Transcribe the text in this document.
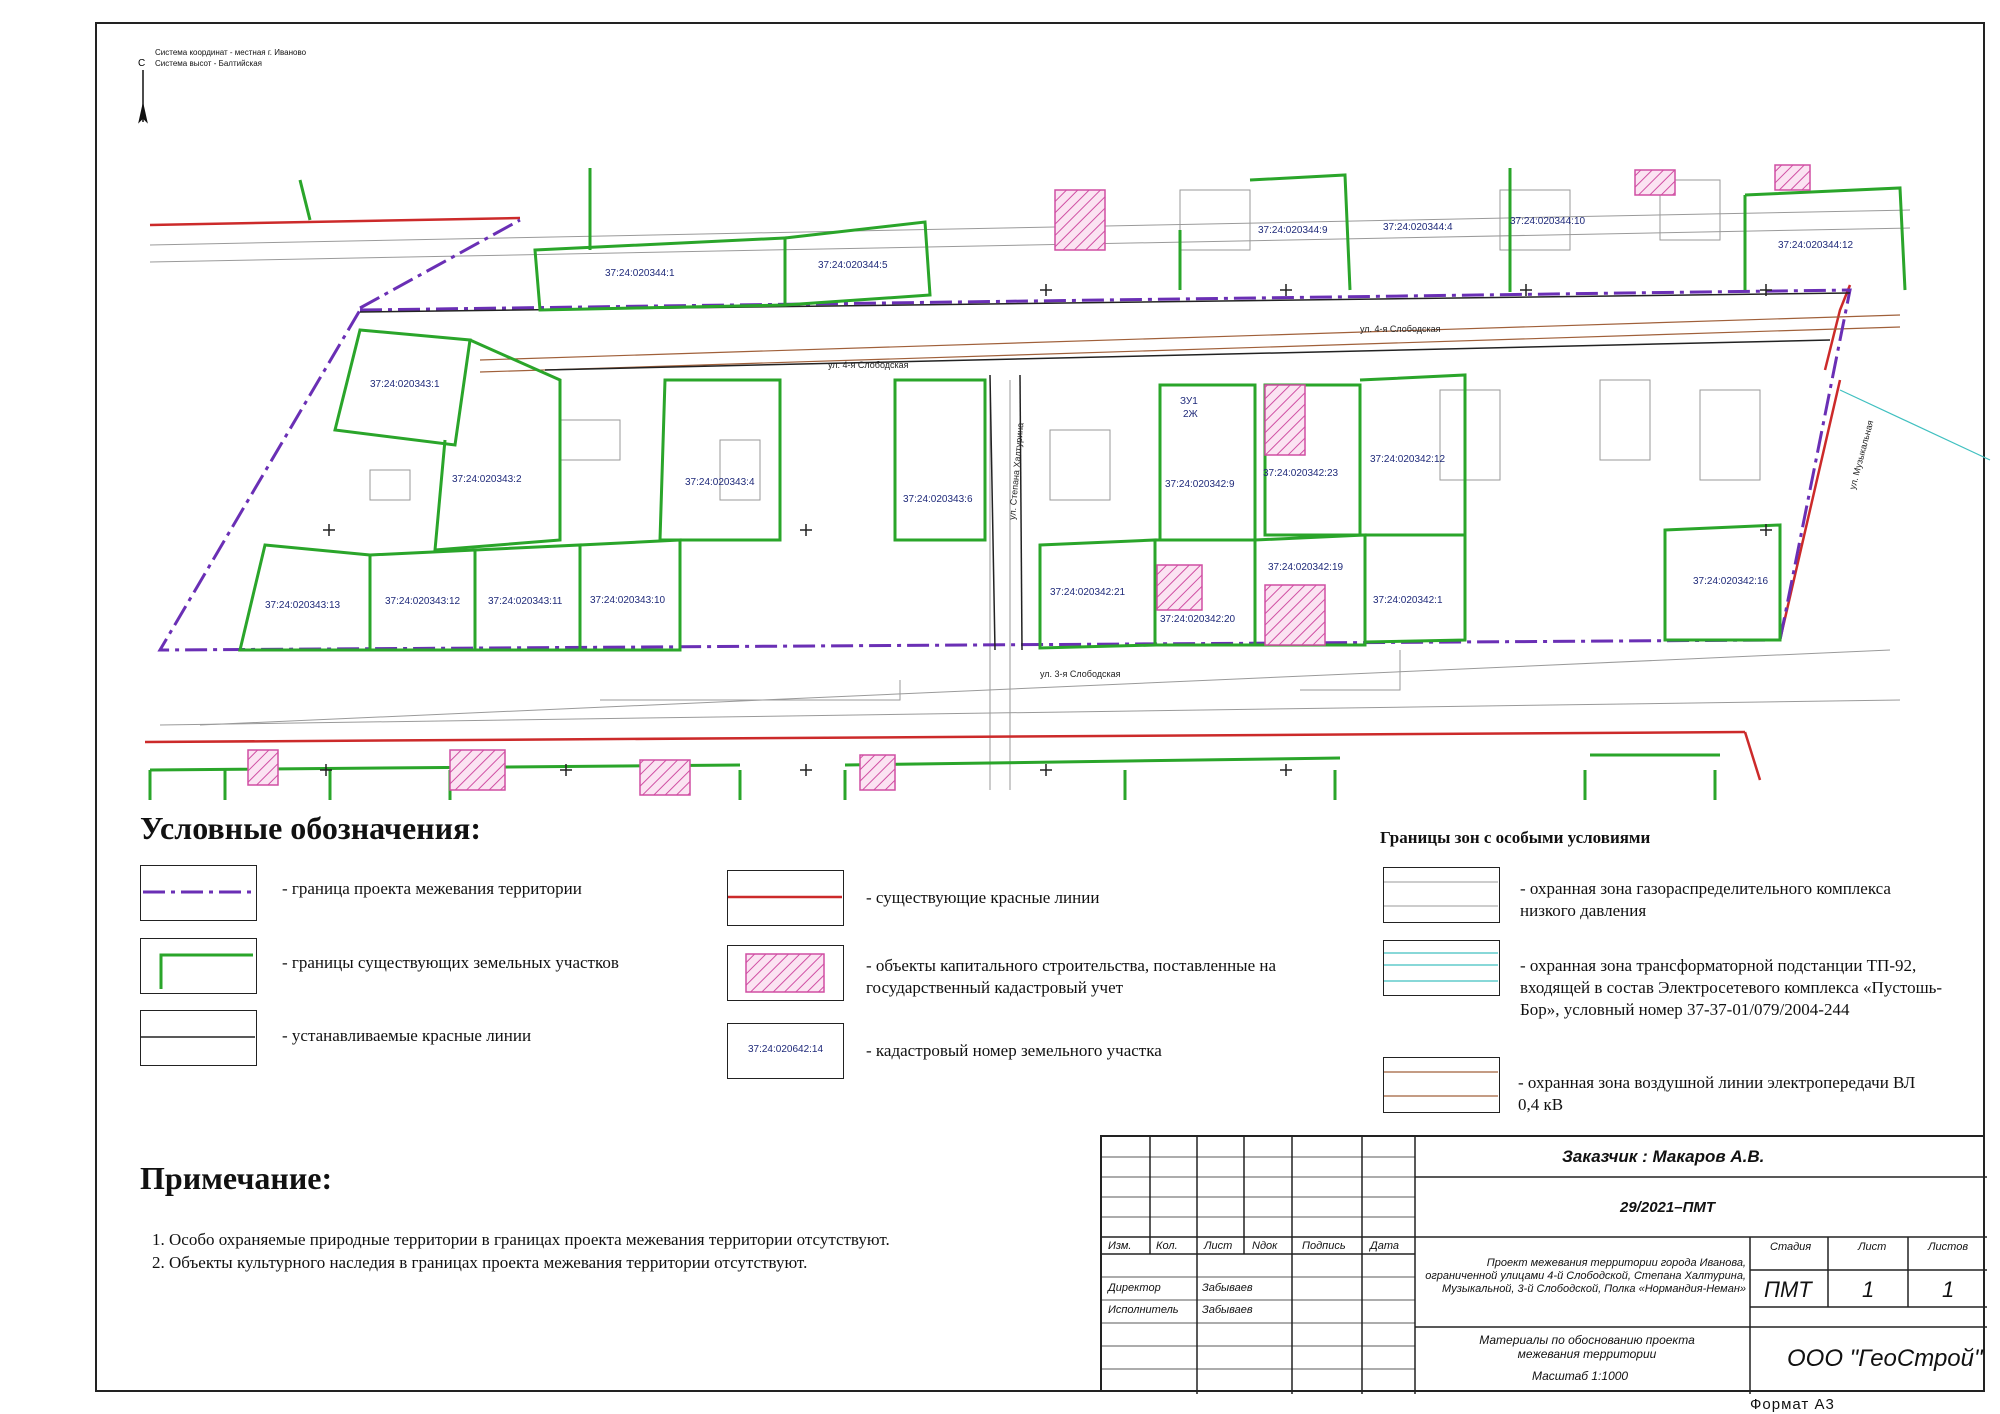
С
37:24:020344:1
37:24:020344:5
37:24:020344:9	37:24:020344:4
37:24:020344:10
37:24:020344:12
37:24:020343:1
37:24:020343:2	37:24:020343:4
37:24:020343:6
37:24:020342:9
37:24:020342:23
37:24:020342:12
37:24:020343:13	37:24:020343:12	37:24:020343:11	37:24:020343:10
37:24:020342:21
37:24:020342:20
37:24:020342:19
37:24:020342:1
37:24:020342:16
ЗУ1
2Ж
ул. 4-я Слободская
ул. 4-я Слободская
ул. 3-я Слободская
ул. Степана Халтурина	ул. Музыкальная
Система координат - местная г. Иваново
Система высот - Балтийская
Условные обозначения:
- граница проекта межевания территории
- границы существующих земельных участков
- устанавливаемые красные линии
- существующие красные линии
- объекты капитального строительства, поставленные на государственный кадастровый учет
37:24:020642:14	- кадастровый номер земельного участка
Границы зон с особыми условиями
- охранная зона газораспределительного комплекса низкого давления
- охранная зона трансформаторной подстанции ТП-92, входящей в состав Электросетевого комплекса «Пустошь-Бор», условный номер 37-37-01/079/2004-244
- охранная зона воздушной линии электропередачи ВЛ 0,4 кВ
Примечание:
1. Особо охраняемые природные территории в границах проекта межевания территории отсутствуют.
2. Объекты культурного наследия в границах проекта межевания территории отсутствуют.
Изм. Кол. Лист Nдок Подпись Дата
Директор	Забываев
Исполнитель Забываев
Заказчик : Макаров А.В.
29/2021–ПМТ
Проект межевания территории города Иванова, ограниченной улицами 4-й Слободской, Степана Халтурина, Музыкальной, 3-й Слободской, Полка «Нормандия-Неман»
Стадия	Лист	Листов
ПМТ 1	1
Материалы по обоснованию проекта межевания территории
Масштаб 1:1000
ООО "ГеоСтрой"
Формат А3
